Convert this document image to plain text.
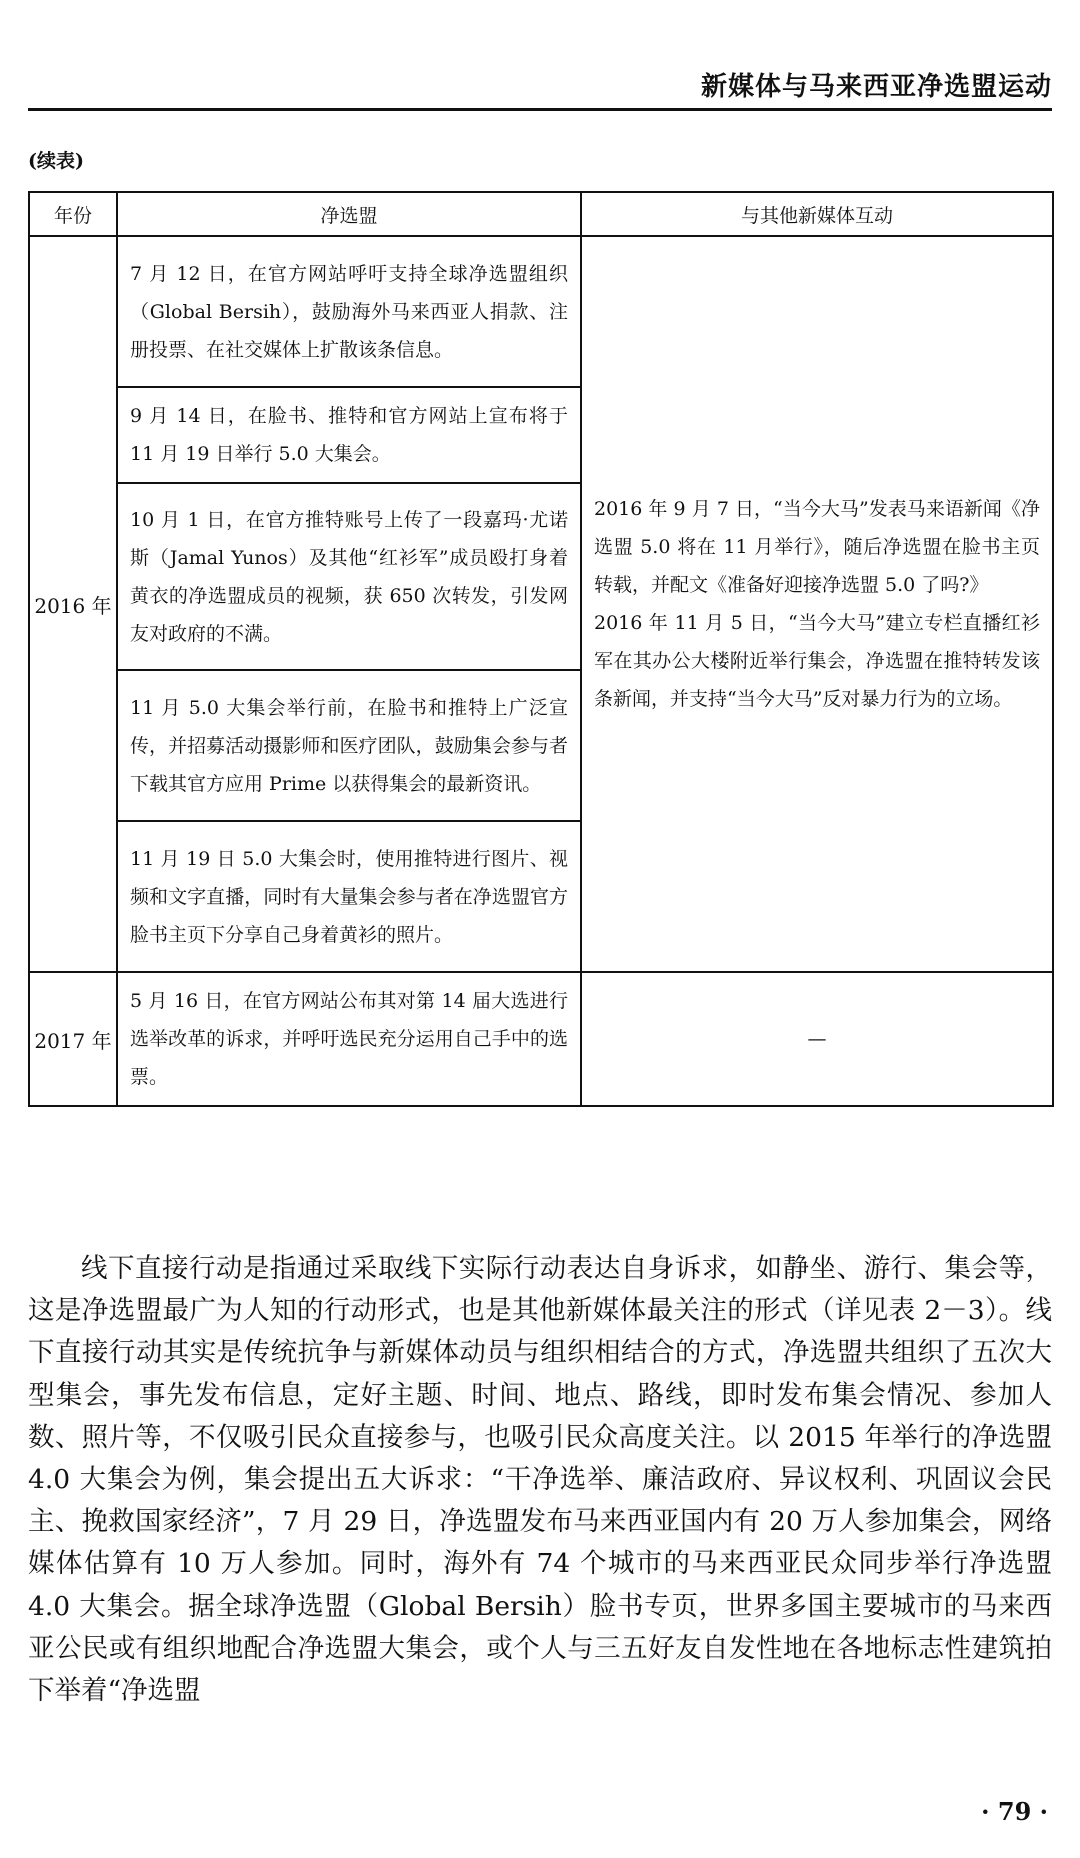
新媒体与马来西亚净选盟运动
(续表)
年份	净选盟	与其他新媒体互动
2016 年	7 月 12 日，在官方网站呼吁支持全球净选盟组织（Global Bersih），鼓励海外马来西亚人捐款、注册投票、在社交媒体上扩散该条信息。	2016 年 9 月 7 日，“当今大马”发表马来语新闻《净选盟 5.0 将在 11 月举行》，随后净选盟在脸书主页转载，并配文《准备好迎接净选盟 5.0 了吗?》
2016 年 11 月 5 日，“当今大马”建立专栏直播红衫军在其办公大楼附近举行集会，净选盟在推特转发该条新闻，并支持“当今大马”反对暴力行为的立场。

	9 月 14 日，在脸书、推特和官方网站上宣布将于 11 月 19 日举行 5.0 大集会。	
	10 月 1 日，在官方推特账号上传了一段嘉玛·尤诺斯（Jamal Yunos）及其他“红衫军”成员殴打身着黄衣的净选盟成员的视频，获 650 次转发，引发网友对政府的不满。	
	11 月 5.0 大集会举行前，在脸书和推特上广泛宣传，并招募活动摄影师和医疗团队，鼓励集会参与者下载其官方应用 Prime 以获得集会的最新资讯。	
	11 月 19 日 5.0 大集会时，使用推特进行图片、视频和文字直播，同时有大量集会参与者在净选盟官方脸书主页下分享自己身着黄衫的照片。	
2017 年	5 月 16 日，在官方网站公布其对第 14 届大选进行选举改革的诉求，并呼吁选民充分运用自己手中的选票。	—

线下直接行动是指通过采取线下实际行动表达自身诉求，如静坐、游行、集会等，这是净选盟最广为人知的行动形式，也是其他新媒体最关注的形式（详见表 2－3）。线下直接行动其实是传统抗争与新媒体动员与组织相结合的方式，净选盟共组织了五次大型集会，事先发布信息，定好主题、时间、地点、路线，即时发布集会情况、参加人数、照片等，不仅吸引民众直接参与，也吸引民众高度关注。以 2015 年举行的净选盟 4.0 大集会为例，集会提出五大诉求：“干净选举、廉洁政府、异议权利、巩固议会民主、挽救国家经济”，7 月 29 日，净选盟发布马来西亚国内有 20 万人参加集会，网络媒体估算有 10 万人参加。同时，海外有 74 个城市的马来西亚民众同步举行净选盟 4.0 大集会。据全球净选盟（Global Bersih）脸书专页，世界多国主要城市的马来西亚公民或有组织地配合净选盟大集会，或个人与三五好友自发性地在各地标志性建筑拍下举着“净选盟

· 79 ·
